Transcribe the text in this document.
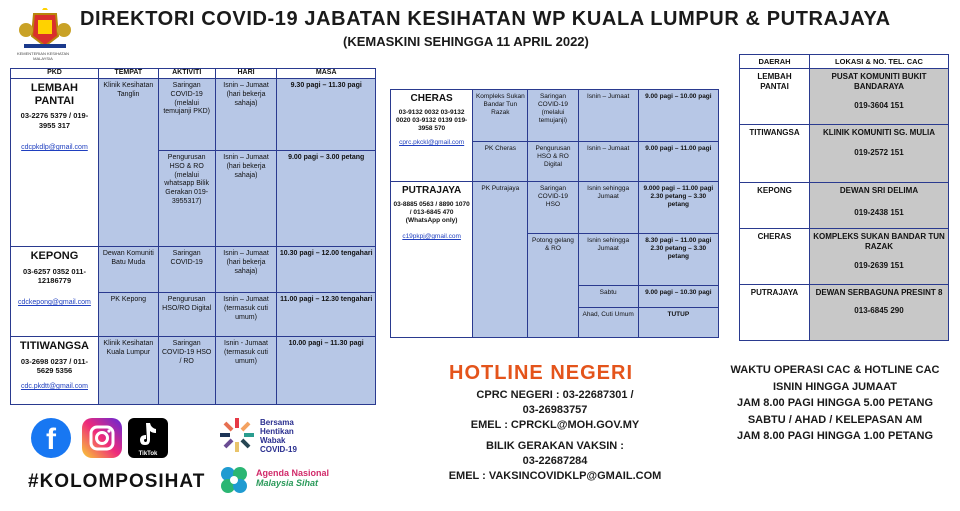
KEMENTERIAN KESIHATAN MALAYSIA
DIREKTORI COVID-19 JABATAN KESIHATAN WP KUALA LUMPUR & PUTRAJAYA
(KEMASKINI SEHINGGA 11 APRIL 2022)
PKD	TEMPAT	AKTIVITI	HARI	MASA

LEMBAH PANTAI
03-2276 5379 / 019-3955 317
cdcpkdlp@gmail.com	Klinik Kesihatan Tanglin	Saringan COVID-19 (melalui temujanji PKD)	Isnin – Jumaat (hari bekerja sahaja)	9.30 pagi – 11.30 pagi
		Pengurusan HSO & RO (melalui whatsapp Bilik Gerakan 019-3955317)	Isnin – Jumaat (hari bekerja sahaja)	9.00 pagi – 3.00 petang

KEPONG
03-6257 0352 011-12186779
cdckepong@gmail.com	Dewan Komuniti Batu Muda	Saringan COVID-19	Isnin – Jumaat (hari bekerja sahaja)	10.30 pagi – 12.00 tengahari
	PK Kepong	Pengurusan HSO/RO Digital	Isnin – Jumaat (termasuk cuti umum)	11.00 pagi – 12.30 tengahari

TITIWANGSA
03-2698 0237 / 011-5629 5356
cdc.pkdtt@gmail.com	Klinik Kesihatan Kuala Lumpur	Saringan COVID-19 HSO / RO	Isnin - Jumaat (termasuk cuti umum)	10.00 pagi – 11.30 pagi
CHERAS
03-9132 0032 03-9132 0020 03-9132 0139 019-3958 570
cprc.pkckl@gmail.com	Kompleks Sukan Bandar Tun Razak	Saringan COVID-19 (melalui temujanji)	Isnin – Jumaat	9.00 pagi – 10.00 pagi
	PK Cheras	Pengurusan HSO & RO Digital	Isnin – Jumaat	9.00 pagi – 11.00 pagi

PUTRAJAYA
03-8885 0563 / 8890 1070 / 013-6845 470 (WhatsApp only)
c19pkpj@gmail.com	PK Putrajaya	Saringan COVID-19 HSO	Isnin sehingga Jumaat	9.000 pagi – 11.00 pagi 2.30 petang – 3.30 petang
		Potong gelang & RO	Isnin sehingga Jumaat	8.30 pagi – 11.00 pagi 2.30 petang – 3.30 petang
			Sabtu	9.00 pagi – 10.30 pagi
			Ahad, Cuti Umum	TUTUP
DAERAH	LOKASI & NO. TEL. CAC
LEMBAH PANTAI	PUSAT KOMUNITI BUKIT BANDARAYA
019-3604 151

TITIWANGSA	KLINIK KOMUNITI SG. MULIA
019-2572 151

KEPONG	DEWAN SRI DELIMA
019-2438 151

CHERAS	KOMPLEKS SUKAN BANDAR TUN RAZAK
019-2639 151

PUTRAJAYA	DEWAN SERBAGUNA PRESINT 8
013-6845 290
HOTLINE NEGERI
CPRC NEGERI : 03-22687301 /
03-26983757
EMEL : CPRCKL@MOH.GOV.MY
BILIK GERAKAN VAKSIN :
03-22687284
EMEL : VAKSINCOVIDKLP@GMAIL.COM
WAKTU OPERASI CAC & HOTLINE CAC
ISNIN HINGGA JUMAAT
JAM 8.00 PAGI HINGGA 5.00 PETANG
SABTU / AHAD / KELEPASAN AM
JAM 8.00 PAGI HINGGA 1.00 PETANG
f	TikTok
#KOLOMPOSIHAT
Bersama
Hentikan
Wabak
COVID-19
Agenda Nasional
Malaysia Sihat
